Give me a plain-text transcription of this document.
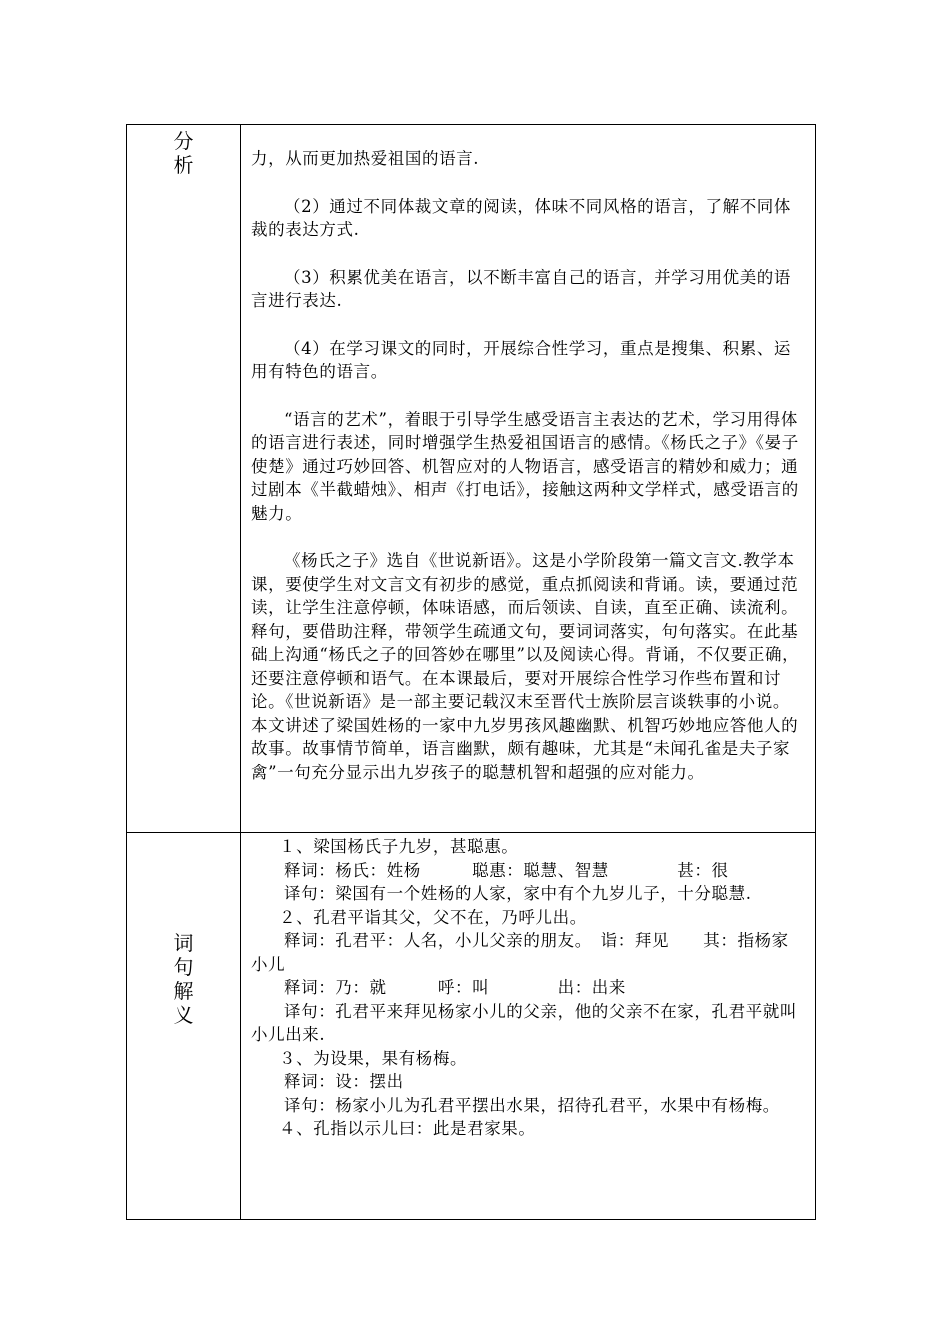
分
析	力，从而更加热爱祖国的语言.

（2）通过不同体裁文章的阅读，体味不同风格的语言，了解不同体裁的表达方式.

（3）积累优美在语言，以不断丰富自己的语言，并学习用优美的语言进行表达.

（4）在学习课文的同时，开展综合性学习，重点是搜集、积累、运用有特色的语言。

“语言的艺术”，着眼于引导学生感受语言主表达的艺术，学习用得体的语言进行表述，同时增强学生热爱祖国语言的感情。《杨氏之子》《晏子使楚》通过巧妙回答、机智应对的人物语言，感受语言的精妙和威力；通过剧本《半截蜡烛》、相声《打电话》，接触这两种文学样式，感受语言的魅力。

《杨氏之子》选自《世说新语》。这是小学阶段第一篇文言文.教学本课，要使学生对文言文有初步的感觉，重点抓阅读和背诵。读，要通过范读，让学生注意停顿，体味语感，而后领读、自读，直至正确、读流利。释句，要借助注释，带领学生疏通文句，要词词落实，句句落实。在此基础上沟通“杨氏之子的回答妙在哪里”以及阅读心得。背诵，不仅要正确，还要注意停顿和语气。在本课最后，要对开展综合性学习作些布置和讨论。《世说新语》是一部主要记载汉末至晋代士族阶层言谈轶事的小说。本文讲述了梁国姓杨的一家中九岁男孩风趣幽默、机智巧妙地应答他人的故事。故事情节简单，语言幽默，颇有趣味，尤其是“未闻孔雀是夫子家禽”一句充分显示出九岁孩子的聪慧机智和超强的应对能力。

词
句
解
义

１、梁国杨氏子九岁，甚聪惠。

释词：杨氏：姓杨　　　聪惠：聪慧、智慧　　　　甚：很

译句：梁国有一个姓杨的人家，家中有个九岁儿子，十分聪慧.

２、孔君平诣其父，父不在，乃呼儿出。

释词：孔君平：人名，小儿父亲的朋友。　诣：拜见　　其：指杨家小儿

释词：乃：就　　　呼：叫　　　　出：出来

译句：孔君平来拜见杨家小儿的父亲，他的父亲不在家，孔君平就叫小儿出来.

３、为设果，果有杨梅。

释词：设：摆出

译句：杨家小儿为孔君平摆出水果，招待孔君平，水果中有杨梅。

４、孔指以示儿曰：此是君家果。
